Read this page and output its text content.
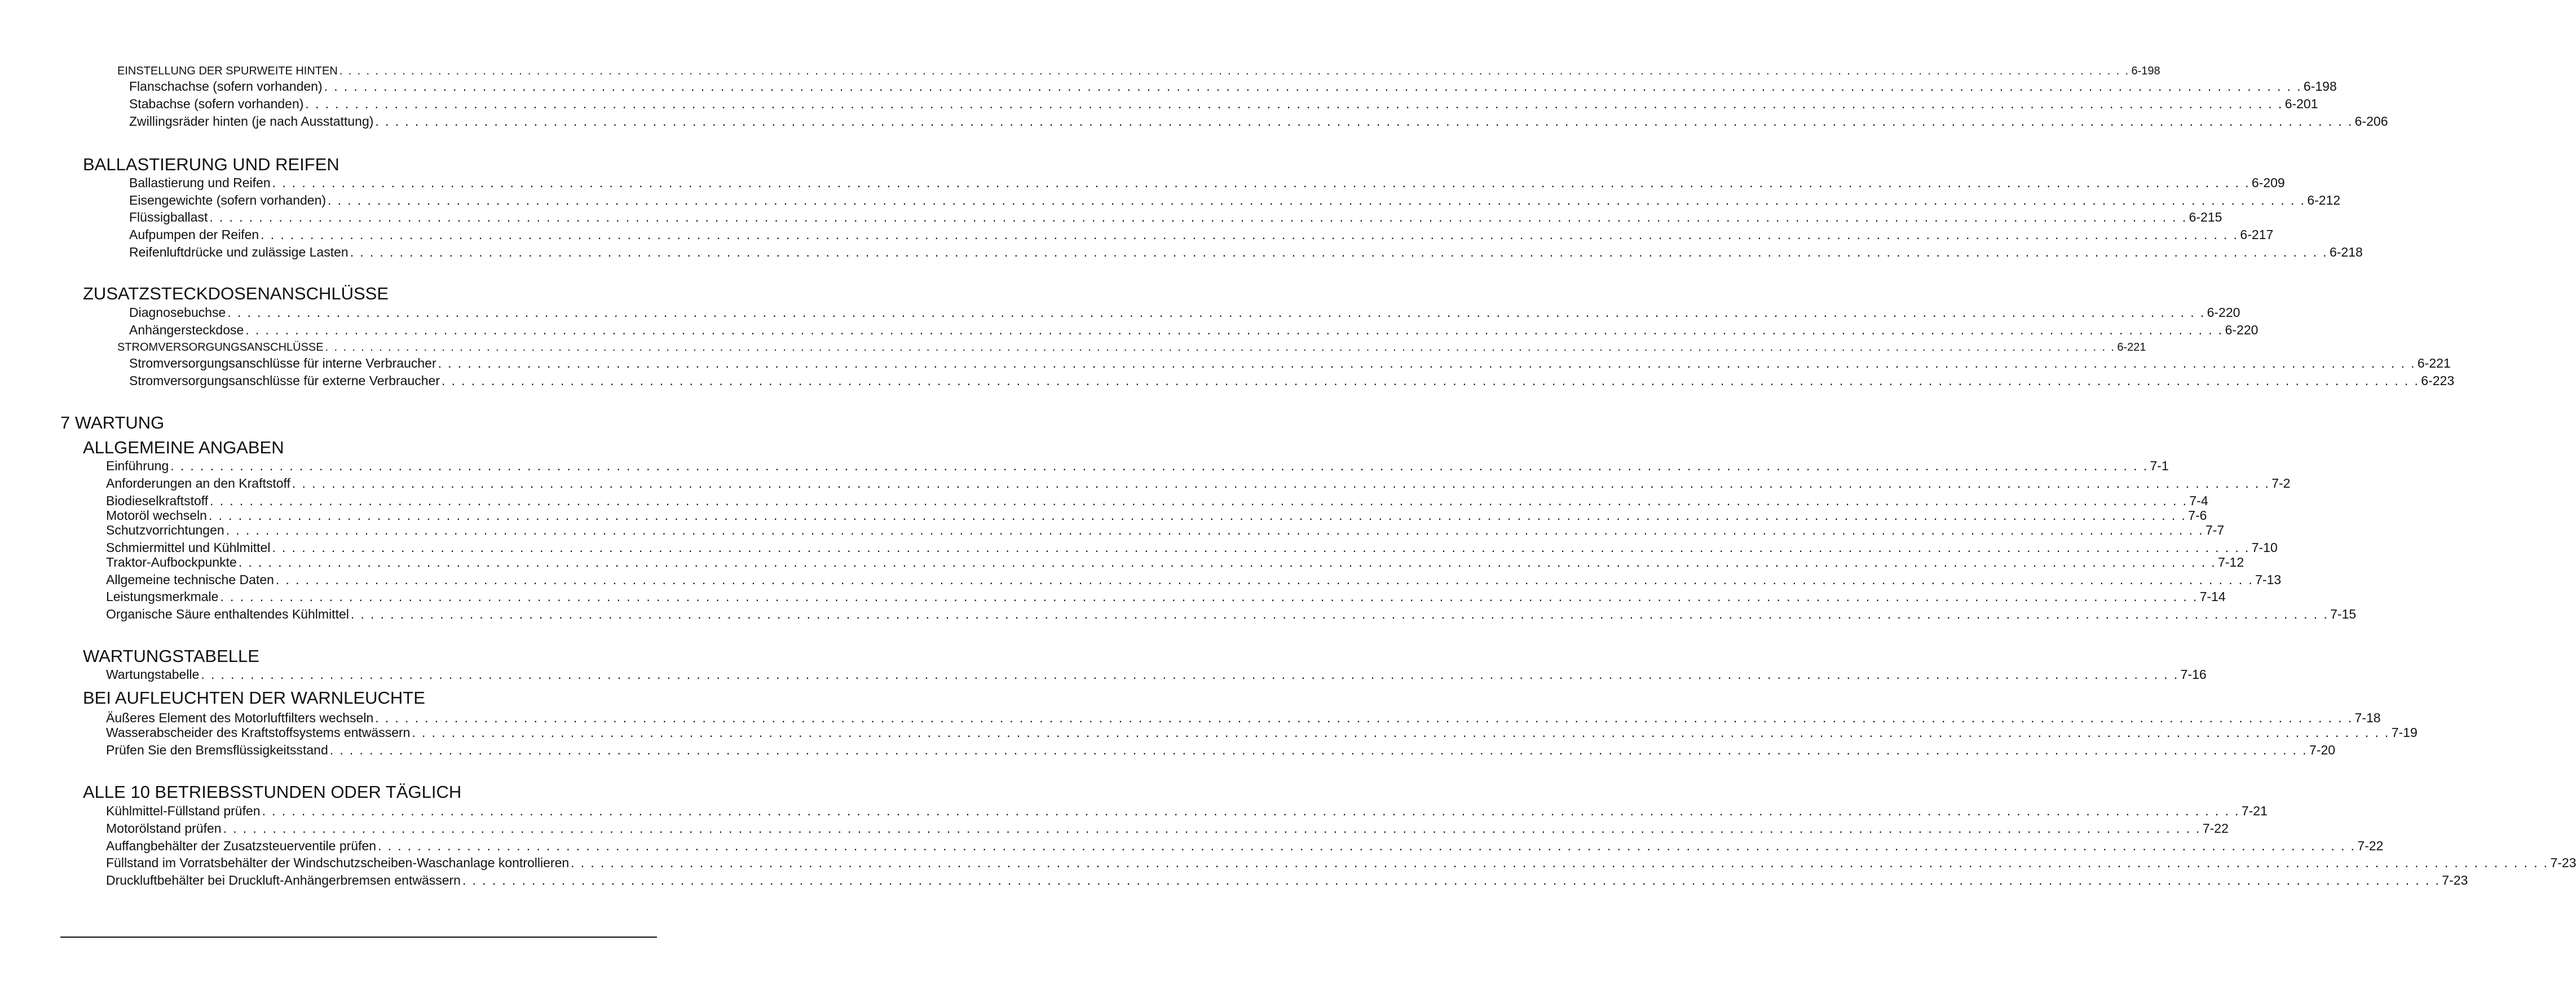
EINSTELLUNG DER SPURWEITE HINTEN . . . . . . . . . . . . . . . . . . . . . . . . . . . . . . . . . . . . . . . . . . . . . . . . . . . . . . . . . . . . . . . . . . . . . . . . . . . . . . . . . . . . . . . . . . . . . . . . . . . . . . . . . . . . . . . . . . . . . . . . . . . . . . . . . . . . . . . . . . . . . . . . . . . . . . . . . . . . . . . . . . . . . . . . . . . . . . . . . . . . . . . . . . . . . . . . . . . . . . . . 6-198
Flanschachse (sofern vorhanden) . . . . . . . . . . . . . . . . . . . . . . . . . . . . . . . . . . . . . . . . . . . . . . . . . . . . . . . . . . . . . . . . . . . . . . . . . . . . . . . . . . . . . . . . . . . . . . . . . . . . . . . . . . . . . . . . . . . . . . . . . . . . . . . . . . . . . . . . . . . . . . . . . . . . . . . . . . . . . . . . . . . . . . . . . . . . . . . . . . . . . . . . . . . . . . . . . . . . . . . . 6-198
Stabachse (sofern vorhanden) . . . . . . . . . . . . . . . . . . . . . . . . . . . . . . . . . . . . . . . . . . . . . . . . . . . . . . . . . . . . . . . . . . . . . . . . . . . . . . . . . . . . . . . . . . . . . . . . . . . . . . . . . . . . . . . . . . . . . . . . . . . . . . . . . . . . . . . . . . . . . . . . . . . . . . . . . . . . . . . . . . . . . . . . . . . . . . . . . . . . . . . . . . . . . . . . . . . . . . . . 6-201
Zwillingsräder hinten (je nach Ausstattung) . . . . . . . . . . . . . . . . . . . . . . . . . . . . . . . . . . . . . . . . . . . . . . . . . . . . . . . . . . . . . . . . . . . . . . . . . . . . . . . . . . . . . . . . . . . . . . . . . . . . . . . . . . . . . . . . . . . . . . . . . . . . . . . . . . . . . . . . . . . . . . . . . . . . . . . . . . . . . . . . . . . . . . . . . . . . . . . . . . . . . . . . . . . . . . . . . . . . . . . . 6-206
BALLASTIERUNG UND REIFEN
Ballastierung und Reifen . . . . . . . . . . . . . . . . . . . . . . . . . . . . . . . . . . . . . . . . . . . . . . . . . . . . . . . . . . . . . . . . . . . . . . . . . . . . . . . . . . . . . . . . . . . . . . . . . . . . . . . . . . . . . . . . . . . . . . . . . . . . . . . . . . . . . . . . . . . . . . . . . . . . . . . . . . . . . . . . . . . . . . . . . . . . . . . . . . . . . . . . . . . . . . . . . . . . . . . . 6-209
Eisengewichte (sofern vorhanden) . . . . . . . . . . . . . . . . . . . . . . . . . . . . . . . . . . . . . . . . . . . . . . . . . . . . . . . . . . . . . . . . . . . . . . . . . . . . . . . . . . . . . . . . . . . . . . . . . . . . . . . . . . . . . . . . . . . . . . . . . . . . . . . . . . . . . . . . . . . . . . . . . . . . . . . . . . . . . . . . . . . . . . . . . . . . . . . . . . . . . . . . . . . . . . . . . . . . . . . . 6-212
Flüssigballast . . . . . . . . . . . . . . . . . . . . . . . . . . . . . . . . . . . . . . . . . . . . . . . . . . . . . . . . . . . . . . . . . . . . . . . . . . . . . . . . . . . . . . . . . . . . . . . . . . . . . . . . . . . . . . . . . . . . . . . . . . . . . . . . . . . . . . . . . . . . . . . . . . . . . . . . . . . . . . . . . . . . . . . . . . . . . . . . . . . . . . . . . . . . . . . . . . . . . . . . 6-215
Aufpumpen der Reifen . . . . . . . . . . . . . . . . . . . . . . . . . . . . . . . . . . . . . . . . . . . . . . . . . . . . . . . . . . . . . . . . . . . . . . . . . . . . . . . . . . . . . . . . . . . . . . . . . . . . . . . . . . . . . . . . . . . . . . . . . . . . . . . . . . . . . . . . . . . . . . . . . . . . . . . . . . . . . . . . . . . . . . . . . . . . . . . . . . . . . . . . . . . . . . . . . . . . . . . . 6-217
Reifenluftdrücke und zulässige Lasten . . . . . . . . . . . . . . . . . . . . . . . . . . . . . . . . . . . . . . . . . . . . . . . . . . . . . . . . . . . . . . . . . . . . . . . . . . . . . . . . . . . . . . . . . . . . . . . . . . . . . . . . . . . . . . . . . . . . . . . . . . . . . . . . . . . . . . . . . . . . . . . . . . . . . . . . . . . . . . . . . . . . . . . . . . . . . . . . . . . . . . . . . . . . . . . . . . . . . . . . 6-218
ZUSATZSTECKDOSENANSCHLÜSSE
Diagnosebuchse . . . . . . . . . . . . . . . . . . . . . . . . . . . . . . . . . . . . . . . . . . . . . . . . . . . . . . . . . . . . . . . . . . . . . . . . . . . . . . . . . . . . . . . . . . . . . . . . . . . . . . . . . . . . . . . . . . . . . . . . . . . . . . . . . . . . . . . . . . . . . . . . . . . . . . . . . . . . . . . . . . . . . . . . . . . . . . . . . . . . . . . . . . . . . . . . . . . . . . . . 6-220
Anhängersteckdose . . . . . . . . . . . . . . . . . . . . . . . . . . . . . . . . . . . . . . . . . . . . . . . . . . . . . . . . . . . . . . . . . . . . . . . . . . . . . . . . . . . . . . . . . . . . . . . . . . . . . . . . . . . . . . . . . . . . . . . . . . . . . . . . . . . . . . . . . . . . . . . . . . . . . . . . . . . . . . . . . . . . . . . . . . . . . . . . . . . . . . . . . . . . . . . . . . . . . . . . 6-220
STROMVERSORGUNGSANSCHLÜSSE . . . . . . . . . . . . . . . . . . . . . . . . . . . . . . . . . . . . . . . . . . . . . . . . . . . . . . . . . . . . . . . . . . . . . . . . . . . . . . . . . . . . . . . . . . . . . . . . . . . . . . . . . . . . . . . . . . . . . . . . . . . . . . . . . . . . . . . . . . . . . . . . . . . . . . . . . . . . . . . . . . . . . . . . . . . . . . . . . . . . . . . . . . . . . . . . . . . . . . . . 6-221
Stromversorgungsanschlüsse für interne Verbraucher . . . . . . . . . . . . . . . . . . . . . . . . . . . . . . . . . . . . . . . . . . . . . . . . . . . . . . . . . . . . . . . . . . . . . . . . . . . . . . . . . . . . . . . . . . . . . . . . . . . . . . . . . . . . . . . . . . . . . . . . . . . . . . . . . . . . . . . . . . . . . . . . . . . . . . . . . . . . . . . . . . . . . . . . . . . . . . . . . . . . . . . . . . . . . . . . . . . . . . . . 6-221
Stromversorgungsanschlüsse für externe Verbraucher . . . . . . . . . . . . . . . . . . . . . . . . . . . . . . . . . . . . . . . . . . . . . . . . . . . . . . . . . . . . . . . . . . . . . . . . . . . . . . . . . . . . . . . . . . . . . . . . . . . . . . . . . . . . . . . . . . . . . . . . . . . . . . . . . . . . . . . . . . . . . . . . . . . . . . . . . . . . . . . . . . . . . . . . . . . . . . . . . . . . . . . . . . . . . . . . . . . . . . . . 6-223
7 WARTUNG
ALLGEMEINE ANGABEN
Einführung . . . . . . . . . . . . . . . . . . . . . . . . . . . . . . . . . . . . . . . . . . . . . . . . . . . . . . . . . . . . . . . . . . . . . . . . . . . . . . . . . . . . . . . . . . . . . . . . . . . . . . . . . . . . . . . . . . . . . . . . . . . . . . . . . . . . . . . . . . . . . . . . . . . . . . . . . . . . . . . . . . . . . . . . . . . . . . . . . . . . . . . . . . . . . . . . . . . . . . . . 7-1
Anforderungen an den Kraftstoff . . . . . . . . . . . . . . . . . . . . . . . . . . . . . . . . . . . . . . . . . . . . . . . . . . . . . . . . . . . . . . . . . . . . . . . . . . . . . . . . . . . . . . . . . . . . . . . . . . . . . . . . . . . . . . . . . . . . . . . . . . . . . . . . . . . . . . . . . . . . . . . . . . . . . . . . . . . . . . . . . . . . . . . . . . . . . . . . . . . . . . . . . . . . . . . . . . . . . . . . 7-2
Biodieselkraftstoff . . . . . . . . . . . . . . . . . . . . . . . . . . . . . . . . . . . . . . . . . . . . . . . . . . . . . . . . . . . . . . . . . . . . . . . . . . . . . . . . . . . . . . . . . . . . . . . . . . . . . . . . . . . . . . . . . . . . . . . . . . . . . . . . . . . . . . . . . . . . . . . . . . . . . . . . . . . . . . . . . . . . . . . . . . . . . . . . . . . . . . . . . . . . . . . . . . . . . . . . 7-4
Motoröl wechseln . . . . . . . . . . . . . . . . . . . . . . . . . . . . . . . . . . . . . . . . . . . . . . . . . . . . . . . . . . . . . . . . . . . . . . . . . . . . . . . . . . . . . . . . . . . . . . . . . . . . . . . . . . . . . . . . . . . . . . . . . . . . . . . . . . . . . . . . . . . . . . . . . . . . . . . . . . . . . . . . . . . . . . . . . . . . . . . . . . . . . . . . . . . . . . . . . . . . . . . . 7-6
Schutzvorrichtungen . . . . . . . . . . . . . . . . . . . . . . . . . . . . . . . . . . . . . . . . . . . . . . . . . . . . . . . . . . . . . . . . . . . . . . . . . . . . . . . . . . . . . . . . . . . . . . . . . . . . . . . . . . . . . . . . . . . . . . . . . . . . . . . . . . . . . . . . . . . . . . . . . . . . . . . . . . . . . . . . . . . . . . . . . . . . . . . . . . . . . . . . . . . . . . . . . . . . . . . . 7-7
Schmiermittel und Kühlmittel . . . . . . . . . . . . . . . . . . . . . . . . . . . . . . . . . . . . . . . . . . . . . . . . . . . . . . . . . . . . . . . . . . . . . . . . . . . . . . . . . . . . . . . . . . . . . . . . . . . . . . . . . . . . . . . . . . . . . . . . . . . . . . . . . . . . . . . . . . . . . . . . . . . . . . . . . . . . . . . . . . . . . . . . . . . . . . . . . . . . . . . . . . . . . . . . . . . . . . . . 7-10
Traktor-Aufbockpunkte . . . . . . . . . . . . . . . . . . . . . . . . . . . . . . . . . . . . . . . . . . . . . . . . . . . . . . . . . . . . . . . . . . . . . . . . . . . . . . . . . . . . . . . . . . . . . . . . . . . . . . . . . . . . . . . . . . . . . . . . . . . . . . . . . . . . . . . . . . . . . . . . . . . . . . . . . . . . . . . . . . . . . . . . . . . . . . . . . . . . . . . . . . . . . . . . . . . . . . . . 7-12
Allgemeine technische Daten . . . . . . . . . . . . . . . . . . . . . . . . . . . . . . . . . . . . . . . . . . . . . . . . . . . . . . . . . . . . . . . . . . . . . . . . . . . . . . . . . . . . . . . . . . . . . . . . . . . . . . . . . . . . . . . . . . . . . . . . . . . . . . . . . . . . . . . . . . . . . . . . . . . . . . . . . . . . . . . . . . . . . . . . . . . . . . . . . . . . . . . . . . . . . . . . . . . . . . . . 7-13
Leistungsmerkmale . . . . . . . . . . . . . . . . . . . . . . . . . . . . . . . . . . . . . . . . . . . . . . . . . . . . . . . . . . . . . . . . . . . . . . . . . . . . . . . . . . . . . . . . . . . . . . . . . . . . . . . . . . . . . . . . . . . . . . . . . . . . . . . . . . . . . . . . . . . . . . . . . . . . . . . . . . . . . . . . . . . . . . . . . . . . . . . . . . . . . . . . . . . . . . . . . . . . . . . . 7-14
Organische Säure enthaltendes Kühlmittel . . . . . . . . . . . . . . . . . . . . . . . . . . . . . . . . . . . . . . . . . . . . . . . . . . . . . . . . . . . . . . . . . . . . . . . . . . . . . . . . . . . . . . . . . . . . . . . . . . . . . . . . . . . . . . . . . . . . . . . . . . . . . . . . . . . . . . . . . . . . . . . . . . . . . . . . . . . . . . . . . . . . . . . . . . . . . . . . . . . . . . . . . . . . . . . . . . . . . . . . 7-15
WARTUNGSTABELLE
Wartungstabelle . . . . . . . . . . . . . . . . . . . . . . . . . . . . . . . . . . . . . . . . . . . . . . . . . . . . . . . . . . . . . . . . . . . . . . . . . . . . . . . . . . . . . . . . . . . . . . . . . . . . . . . . . . . . . . . . . . . . . . . . . . . . . . . . . . . . . . . . . . . . . . . . . . . . . . . . . . . . . . . . . . . . . . . . . . . . . . . . . . . . . . . . . . . . . . . . . . . . . . . . 7-16
BEI AUFLEUCHTEN DER WARNLEUCHTE
Äußeres Element des Motorluftfilters wechseln . . . . . . . . . . . . . . . . . . . . . . . . . . . . . . . . . . . . . . . . . . . . . . . . . . . . . . . . . . . . . . . . . . . . . . . . . . . . . . . . . . . . . . . . . . . . . . . . . . . . . . . . . . . . . . . . . . . . . . . . . . . . . . . . . . . . . . . . . . . . . . . . . . . . . . . . . . . . . . . . . . . . . . . . . . . . . . . . . . . . . . . . . . . . . . . . . . . . . . . . 7-18
Wasserabscheider des Kraftstoffsystems entwässern . . . . . . . . . . . . . . . . . . . . . . . . . . . . . . . . . . . . . . . . . . . . . . . . . . . . . . . . . . . . . . . . . . . . . . . . . . . . . . . . . . . . . . . . . . . . . . . . . . . . . . . . . . . . . . . . . . . . . . . . . . . . . . . . . . . . . . . . . . . . . . . . . . . . . . . . . . . . . . . . . . . . . . . . . . . . . . . . . . . . . . . . . . . . . . . . . . . . . . . . 7-19
Prüfen Sie den Bremsflüssigkeitsstand . . . . . . . . . . . . . . . . . . . . . . . . . . . . . . . . . . . . . . . . . . . . . . . . . . . . . . . . . . . . . . . . . . . . . . . . . . . . . . . . . . . . . . . . . . . . . . . . . . . . . . . . . . . . . . . . . . . . . . . . . . . . . . . . . . . . . . . . . . . . . . . . . . . . . . . . . . . . . . . . . . . . . . . . . . . . . . . . . . . . . . . . . . . . . . . . . . . . . . . . 7-20
ALLE 10 BETRIEBSSTUNDEN ODER TÄGLICH
Kühlmittel-Füllstand prüfen . . . . . . . . . . . . . . . . . . . . . . . . . . . . . . . . . . . . . . . . . . . . . . . . . . . . . . . . . . . . . . . . . . . . . . . . . . . . . . . . . . . . . . . . . . . . . . . . . . . . . . . . . . . . . . . . . . . . . . . . . . . . . . . . . . . . . . . . . . . . . . . . . . . . . . . . . . . . . . . . . . . . . . . . . . . . . . . . . . . . . . . . . . . . . . . . . . . . . . . . 7-21
Motorölstand prüfen . . . . . . . . . . . . . . . . . . . . . . . . . . . . . . . . . . . . . . . . . . . . . . . . . . . . . . . . . . . . . . . . . . . . . . . . . . . . . . . . . . . . . . . . . . . . . . . . . . . . . . . . . . . . . . . . . . . . . . . . . . . . . . . . . . . . . . . . . . . . . . . . . . . . . . . . . . . . . . . . . . . . . . . . . . . . . . . . . . . . . . . . . . . . . . . . . . . . . . . . 7-22
Auffangbehälter der Zusatzsteuerventile prüfen . . . . . . . . . . . . . . . . . . . . . . . . . . . . . . . . . . . . . . . . . . . . . . . . . . . . . . . . . . . . . . . . . . . . . . . . . . . . . . . . . . . . . . . . . . . . . . . . . . . . . . . . . . . . . . . . . . . . . . . . . . . . . . . . . . . . . . . . . . . . . . . . . . . . . . . . . . . . . . . . . . . . . . . . . . . . . . . . . . . . . . . . . . . . . . . . . . . . . . . . 7-22
Füllstand im Vorratsbehälter der Windschutzscheiben-Waschanlage kontrollieren . . . . . . . . . . . . . . . . . . . . . . . . . . . . . . . . . . . . . . . . . . . . . . . . . . . . . . . . . . . . . . . . . . . . . . . . . . . . . . . . . . . . . . . . . . . . . . . . . . . . . . . . . . . . . . . . . . . . . . . . . . . . . . . . . . . . . . . . . . . . . . . . . . . . . . . . . . . . . . . . . . . . . . . . . . . . . . . . . . . . . . . . . . . . . . . . . . . . . . . . 7-23
Druckluftbehälter bei Druckluft-Anhängerbremsen entwässern . . . . . . . . . . . . . . . . . . . . . . . . . . . . . . . . . . . . . . . . . . . . . . . . . . . . . . . . . . . . . . . . . . . . . . . . . . . . . . . . . . . . . . . . . . . . . . . . . . . . . . . . . . . . . . . . . . . . . . . . . . . . . . . . . . . . . . . . . . . . . . . . . . . . . . . . . . . . . . . . . . . . . . . . . . . . . . . . . . . . . . . . . . . . . . . . . . . . . . . . 7-23
